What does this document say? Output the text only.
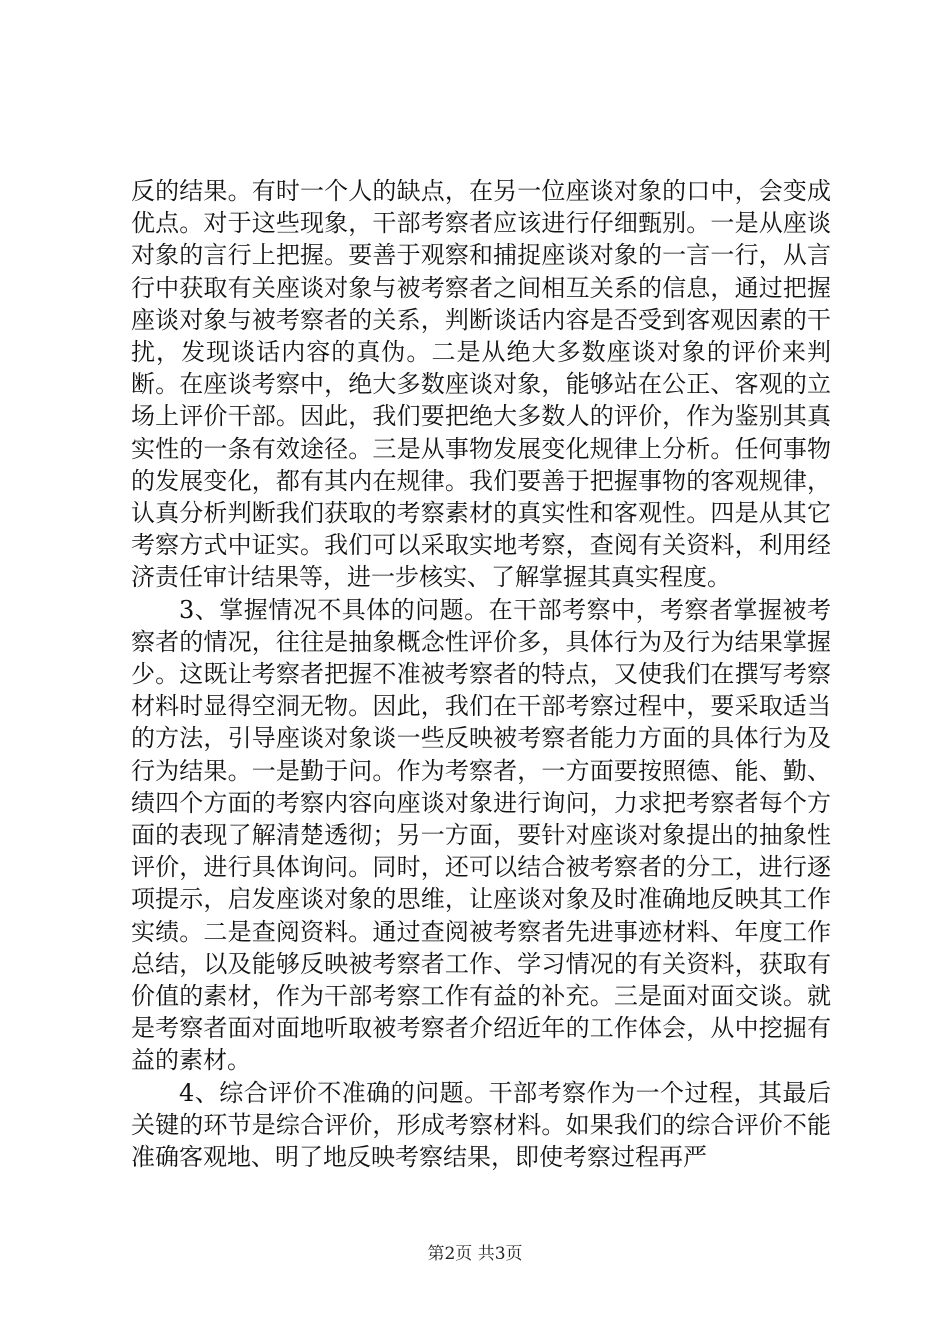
反的结果。有时一个人的缺点，在另一位座谈对象的口中，会变成优点。对于这些现象，干部考察者应该进行仔细甄别。一是从座谈对象的言行上把握。要善于观察和捕捉座谈对象的一言一行，从言行中获取有关座谈对象与被考察者之间相互关系的信息，通过把握座谈对象与被考察者的关系，判断谈话内容是否受到客观因素的干扰，发现谈话内容的真伪。二是从绝大多数座谈对象的评价来判断。在座谈考察中，绝大多数座谈对象，能够站在公正、客观的立场上评价干部。因此，我们要把绝大多数人的评价，作为鉴别其真实性的一条有效途径。三是从事物发展变化规律上分析。任何事物的发展变化，都有其内在规律。我们要善于把握事物的客观规律，认真分析判断我们获取的考察素材的真实性和客观性。四是从其它考察方式中证实。我们可以采取实地考察，查阅有关资料，利用经济责任审计结果等，进一步核实、了解掌握其真实程度。

3、掌握情况不具体的问题。在干部考察中，考察者掌握被考察者的情况，往往是抽象概念性评价多，具体行为及行为结果掌握少。这既让考察者把握不准被考察者的特点，又使我们在撰写考察材料时显得空洞无物。因此，我们在干部考察过程中，要采取适当的方法，引导座谈对象谈一些反映被考察者能力方面的具体行为及行为结果。一是勤于问。作为考察者，一方面要按照德、能、勤、绩四个方面的考察内容向座谈对象进行询问，力求把考察者每个方面的表现了解清楚透彻；另一方面，要针对座谈对象提出的抽象性评价，进行具体询问。同时，还可以结合被考察者的分工，进行逐项提示，启发座谈对象的思维，让座谈对象及时准确地反映其工作实绩。二是查阅资料。通过查阅被考察者先进事迹材料、年度工作总结，以及能够反映被考察者工作、学习情况的有关资料，获取有价值的素材，作为干部考察工作有益的补充。三是面对面交谈。就是考察者面对面地听取被考察者介绍近年的工作体会，从中挖掘有益的素材。

4、综合评价不准确的问题。干部考察作为一个过程，其最后关键的环节是综合评价，形成考察材料。如果我们的综合评价不能准确客观地、明了地反映考察结果，即使考察过程再严

第2页 共3页
